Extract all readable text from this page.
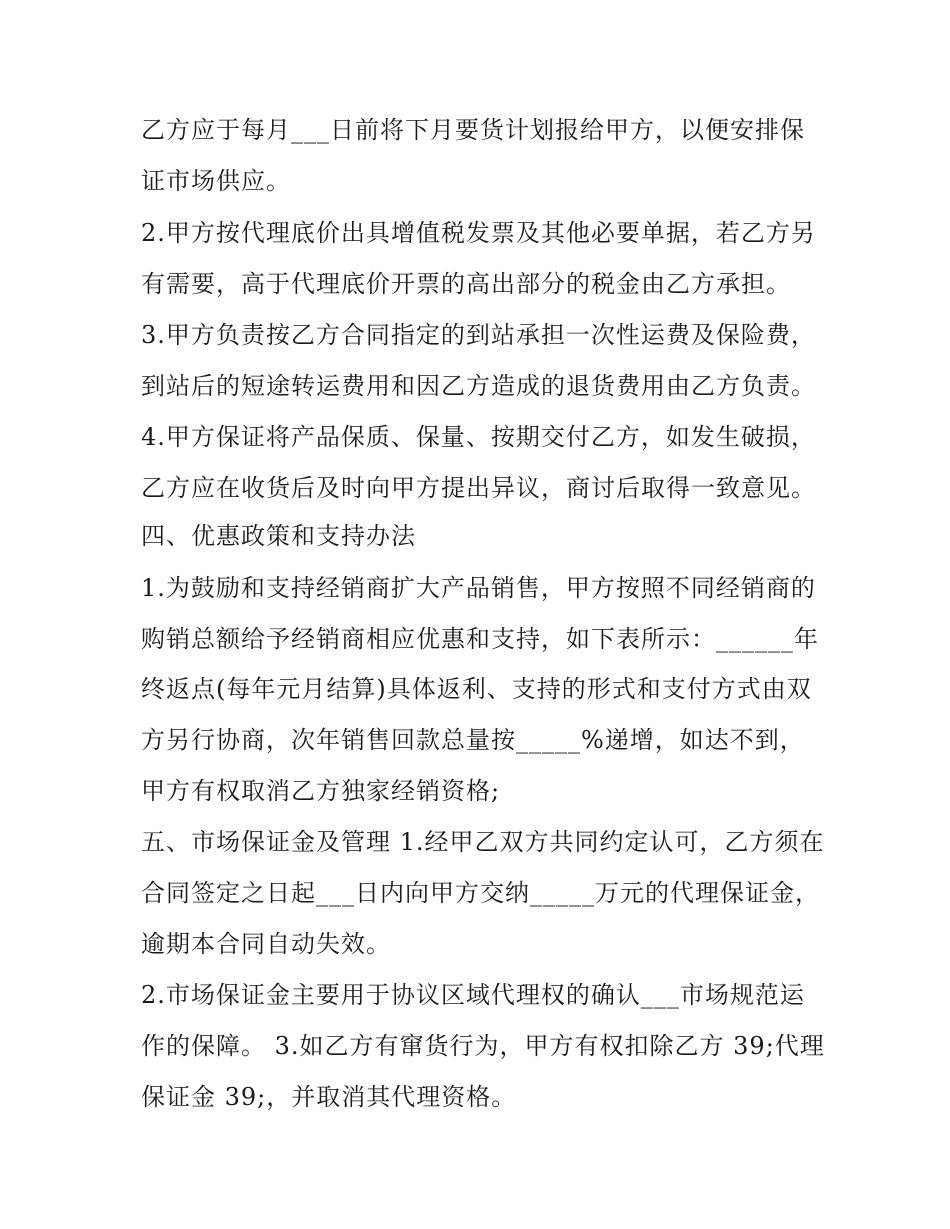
乙方应于每月___日前将下月要货计划报给甲方，以便安排保
证市场供应。
2.甲方按代理底价出具增值税发票及其他必要单据，若乙方另
有需要，高于代理底价开票的高出部分的税金由乙方承担。
3.甲方负责按乙方合同指定的到站承担一次性运费及保险费，
到站后的短途转运费用和因乙方造成的退货费用由乙方负责。
4.甲方保证将产品保质、保量、按期交付乙方，如发生破损，
乙方应在收货后及时向甲方提出异议，商讨后取得一致意见。
四、优惠政策和支持办法
1.为鼓励和支持经销商扩大产品销售，甲方按照不同经销商的
购销总额给予经销商相应优惠和支持，如下表所示：______年
终返点(每年元月结算)具体返利、支持的形式和支付方式由双
方另行协商，次年销售回款总量按_____%递增，如达不到，
甲方有权取消乙方独家经销资格;
五、市场保证金及管理 1.经甲乙双方共同约定认可，乙方须在
合同签定之日起___日内向甲方交纳_____万元的代理保证金，
逾期本合同自动失效。
2.市场保证金主要用于协议区域代理权的确认___市场规范运
作的保障。 3.如乙方有窜货行为，甲方有权扣除乙方 39;代理
保证金 39;，并取消其代理资格。
